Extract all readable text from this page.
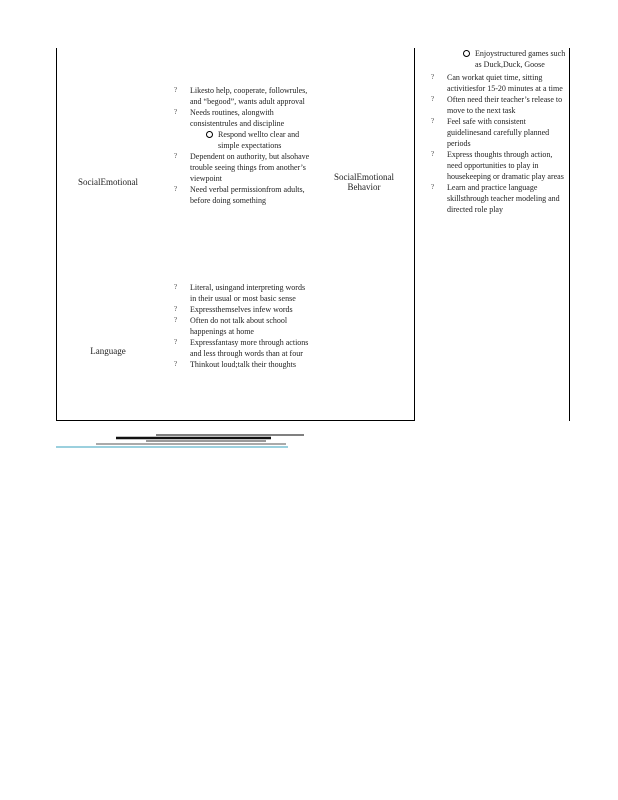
SocialEmotional
? Likesto help, cooperate, followrules, and “begood”, wants adult approval
? Needs routines, alongwith consistentrules and discipline
Respond wellto clear and simple expectations
? Dependent on authority, but alsohave trouble seeing things from another’s viewpoint
? Need verbal permissionfrom adults, before doing something
Language
? Literal, usingand interpreting words in their usual or most basic sense
? Expressthemselves infew words
? Often do not talk about school happenings at home
? Expressfantasy more through actions and less through words than at four
? Thinkout loud;talk their thoughts
SocialEmotional Behavior
Enjoystructured games such as Duck,Duck, Goose
? Can workat quiet time, sitting activitiesfor 15-20 minutes at a time
? Often need their teacher’s release to move to the next task
? Feel safe with consistent guidelinesand carefully planned periods
? Express thoughts through action, need opportunities to play in housekeeping or dramatic play areas
? Learn and practice language skillsthrough teacher modeling and directed role play
